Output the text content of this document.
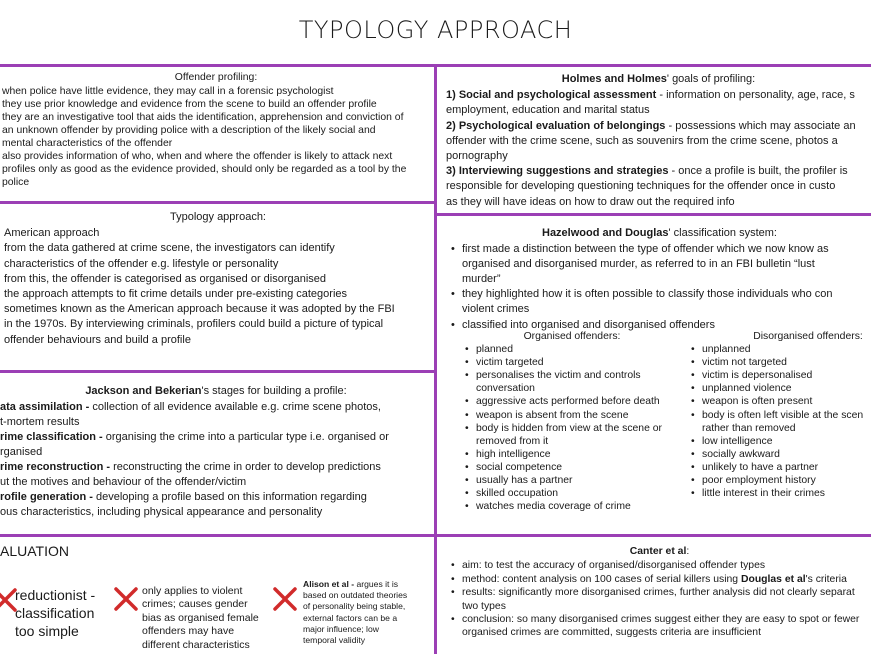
TYPOLOGY APPROACH
Offender profiling:

when police have little evidence, they may call in a forensic psychologist

they use prior knowledge and evidence from the scene to build an offender profile

they are an investigative tool that aids the identification, apprehension and conviction of

an unknown offender by providing police with a description of the likely social and

mental characteristics of the offender

also provides information of who, when and where the offender is likely to attack next

profiles only as good as the evidence provided, should only be regarded as a tool by the

police

Typology approach:

American approach

from the data gathered at crime scene, the investigators can identify

characteristics of the offender e.g. lifestyle or personality

from this, the offender is categorised as organised or disorganised

the approach attempts to fit crime details under pre-existing categories

sometimes known as the American approach because it was adopted by the FBI

in the 1970s. By interviewing criminals, profilers could build a picture of typical

offender behaviours and build a profile

Jackson and Bekerian's stages for building a profile:

ata assimilation - collection of all evidence available e.g. crime scene photos,

t-mortem results

rime classification - organising the crime into a particular type i.e. organised or

rganised

rime reconstruction - reconstructing the crime in order to develop predictions

ut the motives and behaviour of the offender/victim

rofile generation - developing a profile based on this information regarding

ous characteristics, including physical appearance and personality

ALUATION
reductionist -
classification
too simple
only applies to violent
crimes; causes gender
bias as organised female
offenders may have
different characteristics
Alison et al - argues it is
based on outdated theories
of personality being stable,
external factors can be a
major influence; low
temporal validity
Holmes and Holmes' goals of profiling:

1) Social and psychological assessment - information on personality, age, race, s

employment, education and marital status

2) Psychological evaluation of belongings - possessions which may associate an

offender with the crime scene, such as souvenirs from the crime scene, photos a

pornography

3) Interviewing suggestions and strategies - once a profile is built, the profiler is

responsible for developing questioning techniques for the offender once in custo

as they will have ideas on how to draw out the required info

Hazelwood and Douglas' classification system:
• first made a distinction between the type of offender which we now know as
organised and disorganised murder, as referred to in an FBI bulletin “lust
murder”
• they highlighted how it is often possible to classify those individuals who con
violent crimes
• classified into organised and disorganised offenders
Organised offenders:
• planned
• victim targeted
• personalises the victim and controls
conversation
• aggressive acts performed before death
• weapon is absent from the scene
• body is hidden from view at the scene or
removed from it
• high intelligence
• social competence
• usually has a partner
• skilled occupation
• watches media coverage of crime
Disorganised offenders:
• unplanned
• victim not targeted
• victim is depersonalised
• unplanned violence
• weapon is often present
• body is often left visible at the scen
rather than removed
• low intelligence
• socially awkward
• unlikely to have a partner
• poor employment history
• little interest in their crimes
Canter et al:
• aim: to test the accuracy of organised/disorganised offender types
• method: content analysis on 100 cases of serial killers using Douglas et al's criteria
• results: significantly more disorganised crimes, further analysis did not clearly separat
two types
• conclusion: so many disorganised crimes suggest either they are easy to spot or fewer
organised crimes are committed, suggests criteria are insufficient
